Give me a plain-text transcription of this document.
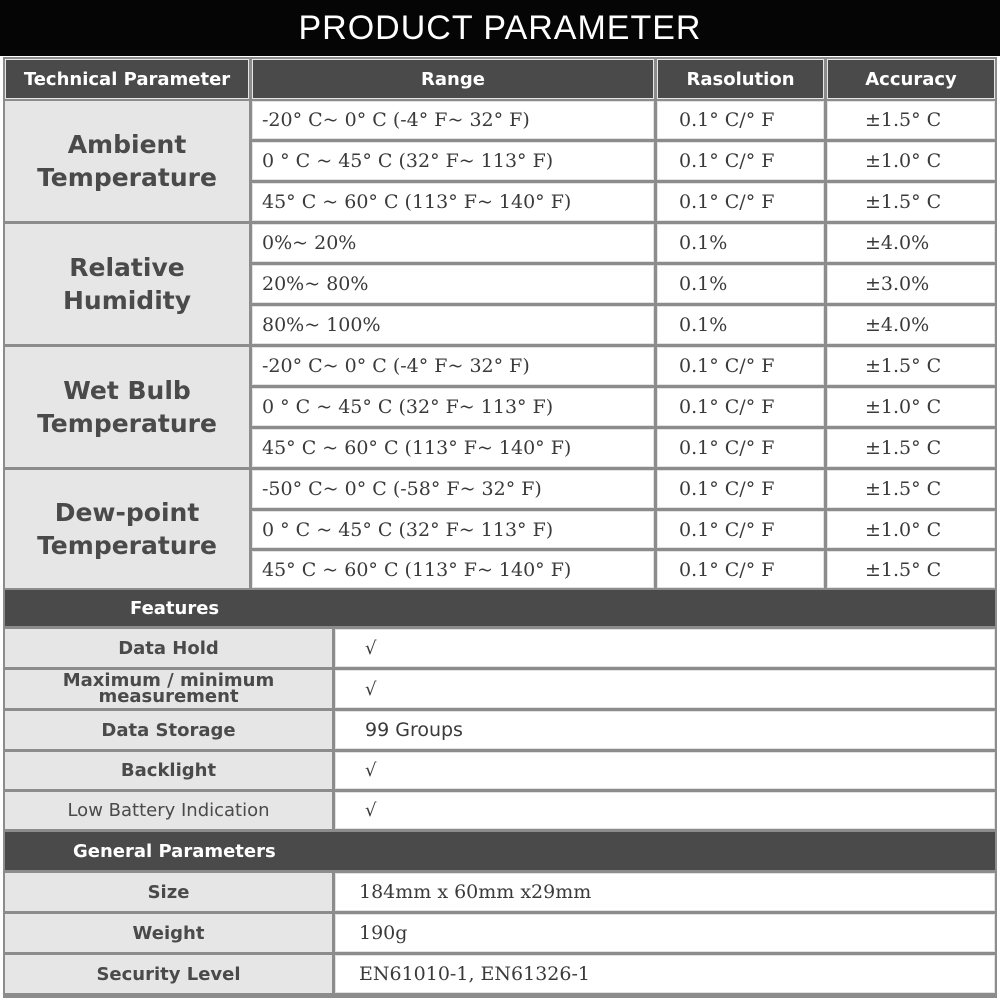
PRODUCT PARAMETER
Technical Parameter	Range	Rasolution	Accuracy
Ambient
Temperature
-20° C~ 0° C (-4° F~ 32° F)	0.1° C/° F	±1.5° C
0 ° C ~ 45° C (32° F~ 113° F)	0.1° C/° F	±1.0° C
45° C ~ 60° C (113° F~ 140° F)	0.1° C/° F	±1.5° C
Relative
Humidity
0%~ 20%	0.1%	±4.0%
20%~ 80%	0.1%	±3.0%
80%~ 100%	0.1%	±4.0%
Wet Bulb
Temperature
-20° C~ 0° C (-4° F~ 32° F)	0.1° C/° F	±1.5° C
0 ° C ~ 45° C (32° F~ 113° F)	0.1° C/° F	±1.0° C
45° C ~ 60° C (113° F~ 140° F)	0.1° C/° F	±1.5° C
Dew-point
Temperature
-50° C~ 0° C (-58° F~ 32° F)	0.1° C/° F	±1.5° C
0 ° C ~ 45° C (32° F~ 113° F)	0.1° C/° F	±1.0° C
45° C ~ 60° C (113° F~ 140° F)	0.1° C/° F	±1.5° C
Features
Data Hold	√
Maximum / minimum
measurement	√
Data Storage	99 Groups
Backlight	√
Low Battery Indication	√
General Parameters
Size	184mm x 60mm x29mm
Weight	190g
Security Level	EN61010-1, EN61326-1
